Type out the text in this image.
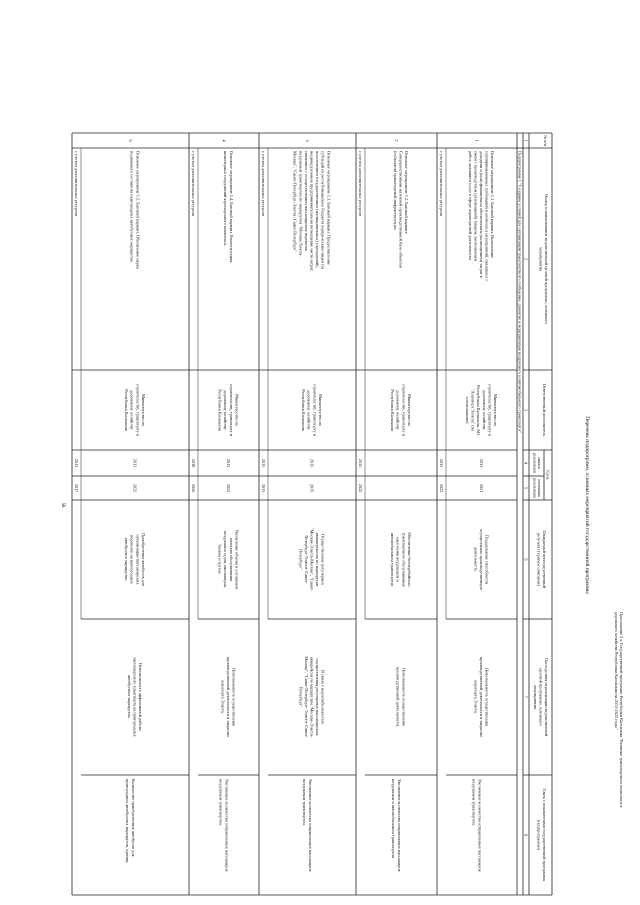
Приложение 2 к Государственной программе Республики Калмыкия "Развитие транспортного комплекса и
дорожного хозяйства Республики Калмыкия на 2013-2025 годы"
Перечень подпрограмм, основных мероприятий государственной программы
58
№ п/п
Номер и наименование ведомственной целевой программы, основного
мероприятия
Ответственный исполнитель
Срок
начала
реализации
окончания
реализации
Ожидаемый непосредственный
результат (краткое описание)
Последствия нереализации ведомственной
целевой программы, основного
мероприятия
Связь с показателями государственной программы
(подпрограммы)
1
2
3
4
5
6
7
8
Подпрограмма 1 "Создание условий для организации транспортного сообщения, развитие и модернизация воздушного и автомобильного транспорта"
1
Основное мероприятие 1.1. Базовый вариант. Выполнение
сертификационных требований и комплекса мероприятий, связанных с
доходами и (или) финансовым обеспечением (возмещением) затрат в
связи с производством (реализацией) товаров, выполнением
работ, оказанием услуг в сфере аэропортовой деятельности
Министерство по
строительству, транспорту и
дорожному хозяйству
Республики Калмыкия, АО
"Аэропорт Элиста" (по
согласованию)
2013
2021
Поддержание способности
осуществлять производственную
деятельность.
Невозможность осуществления
производственной деятельности и закрытие
аэропорта Элиста.
Увеличение количества отправленных пассажиров
воздушным транспортом.
с учетом дополнительных ресурсов
2015
2023
2
Основное мероприятие 1.2. Базовый вариант.
Совершенствование наземной производственной базы объектов
(субъектов) транспортной инфраструктуры
Министерство по
строительству, транспорту и
дорожному хозяйству
Республики Калмыкия
Обеспечение бесперебойного
транспортного обслуживания
населения воздушным и
автомобильным транспортом
Невозможность осуществления
производственной деятельности.
Увеличение количества отправленных пассажиров
воздушным и автомобильным транспортом
с учетом дополнительных ресурсов
2015
2022
3
Основное мероприятие 1.3. Базовый вариант. Предоставление
субсидий из республиканского бюджета юридическим лицам (за
исключением государственных (муниципальных) учреждений),
индивидуальным предпринимателям на возмещение части затрат,
связанных с осуществлением пассажирских перевозок
воздушным транспортом по маршрутам "Москва-Элиста-
Москва", "Санкт-Петербург-Элиста- Санкт-Петербург"
Министерство по
строительству, транспорту и
дорожному хозяйству
Республики Калмыкия
2015
2015
Осуществление регулярных
авиаперевозок по маршрутам
"Москва-Элиста-Москва", "Санкт-
Петербург-Элиста- Санкт-
Петербург"
В связи с нерентабельностью
осуществления регулярных пассажирских
авиарейсов по маршрутам "Москва-Элиста-
Москва", "Санкт-Петербург- Элиста- Санкт-
Петербург"
Увеличение количества отправленных пассажиров
воздушным транспортом.
с учетом дополнительных ресурсов
2015
2015
4
Основное мероприятие 1.4. Базовый вариант. Реконструкция
инженерных сооружений аэропортового комплекса.
Министерство по
строительству, транспорту и
дорожному хозяйству
Республики Калмыкия
2013
2022
Увеличение объема и улучшение
качества обслуживания
воздушных судов, пассажиров,
багажа и грузов.
Невозможность осуществления
производственной деятельности и закрытие
аэропорта Элиста.
Увеличение количества отправленных пассажиров
воздушным транспортом.
с учетом дополнительных ресурсов
2018
2020
5
Основное мероприятие 1.5. Базовый вариант. Обновление парка
подвижного состава на пригородных автобусных маршрутах
Министерство по
строительству, транспорту и
дорожному хозяйству
Республики Калмыкия
2013
2022
Приобретение автобусов для
организации пассажирских
перевозок на пригородных
автобусных маршрутах.
Невозможность эффективной работы
пассажирского транспорта на пригородных
автобусных маршрутах.
Количество приобретенных автобусов для
пригородных автобусных маршрутов, единиц
с учетом дополнительных ресурсов
2013
2017
